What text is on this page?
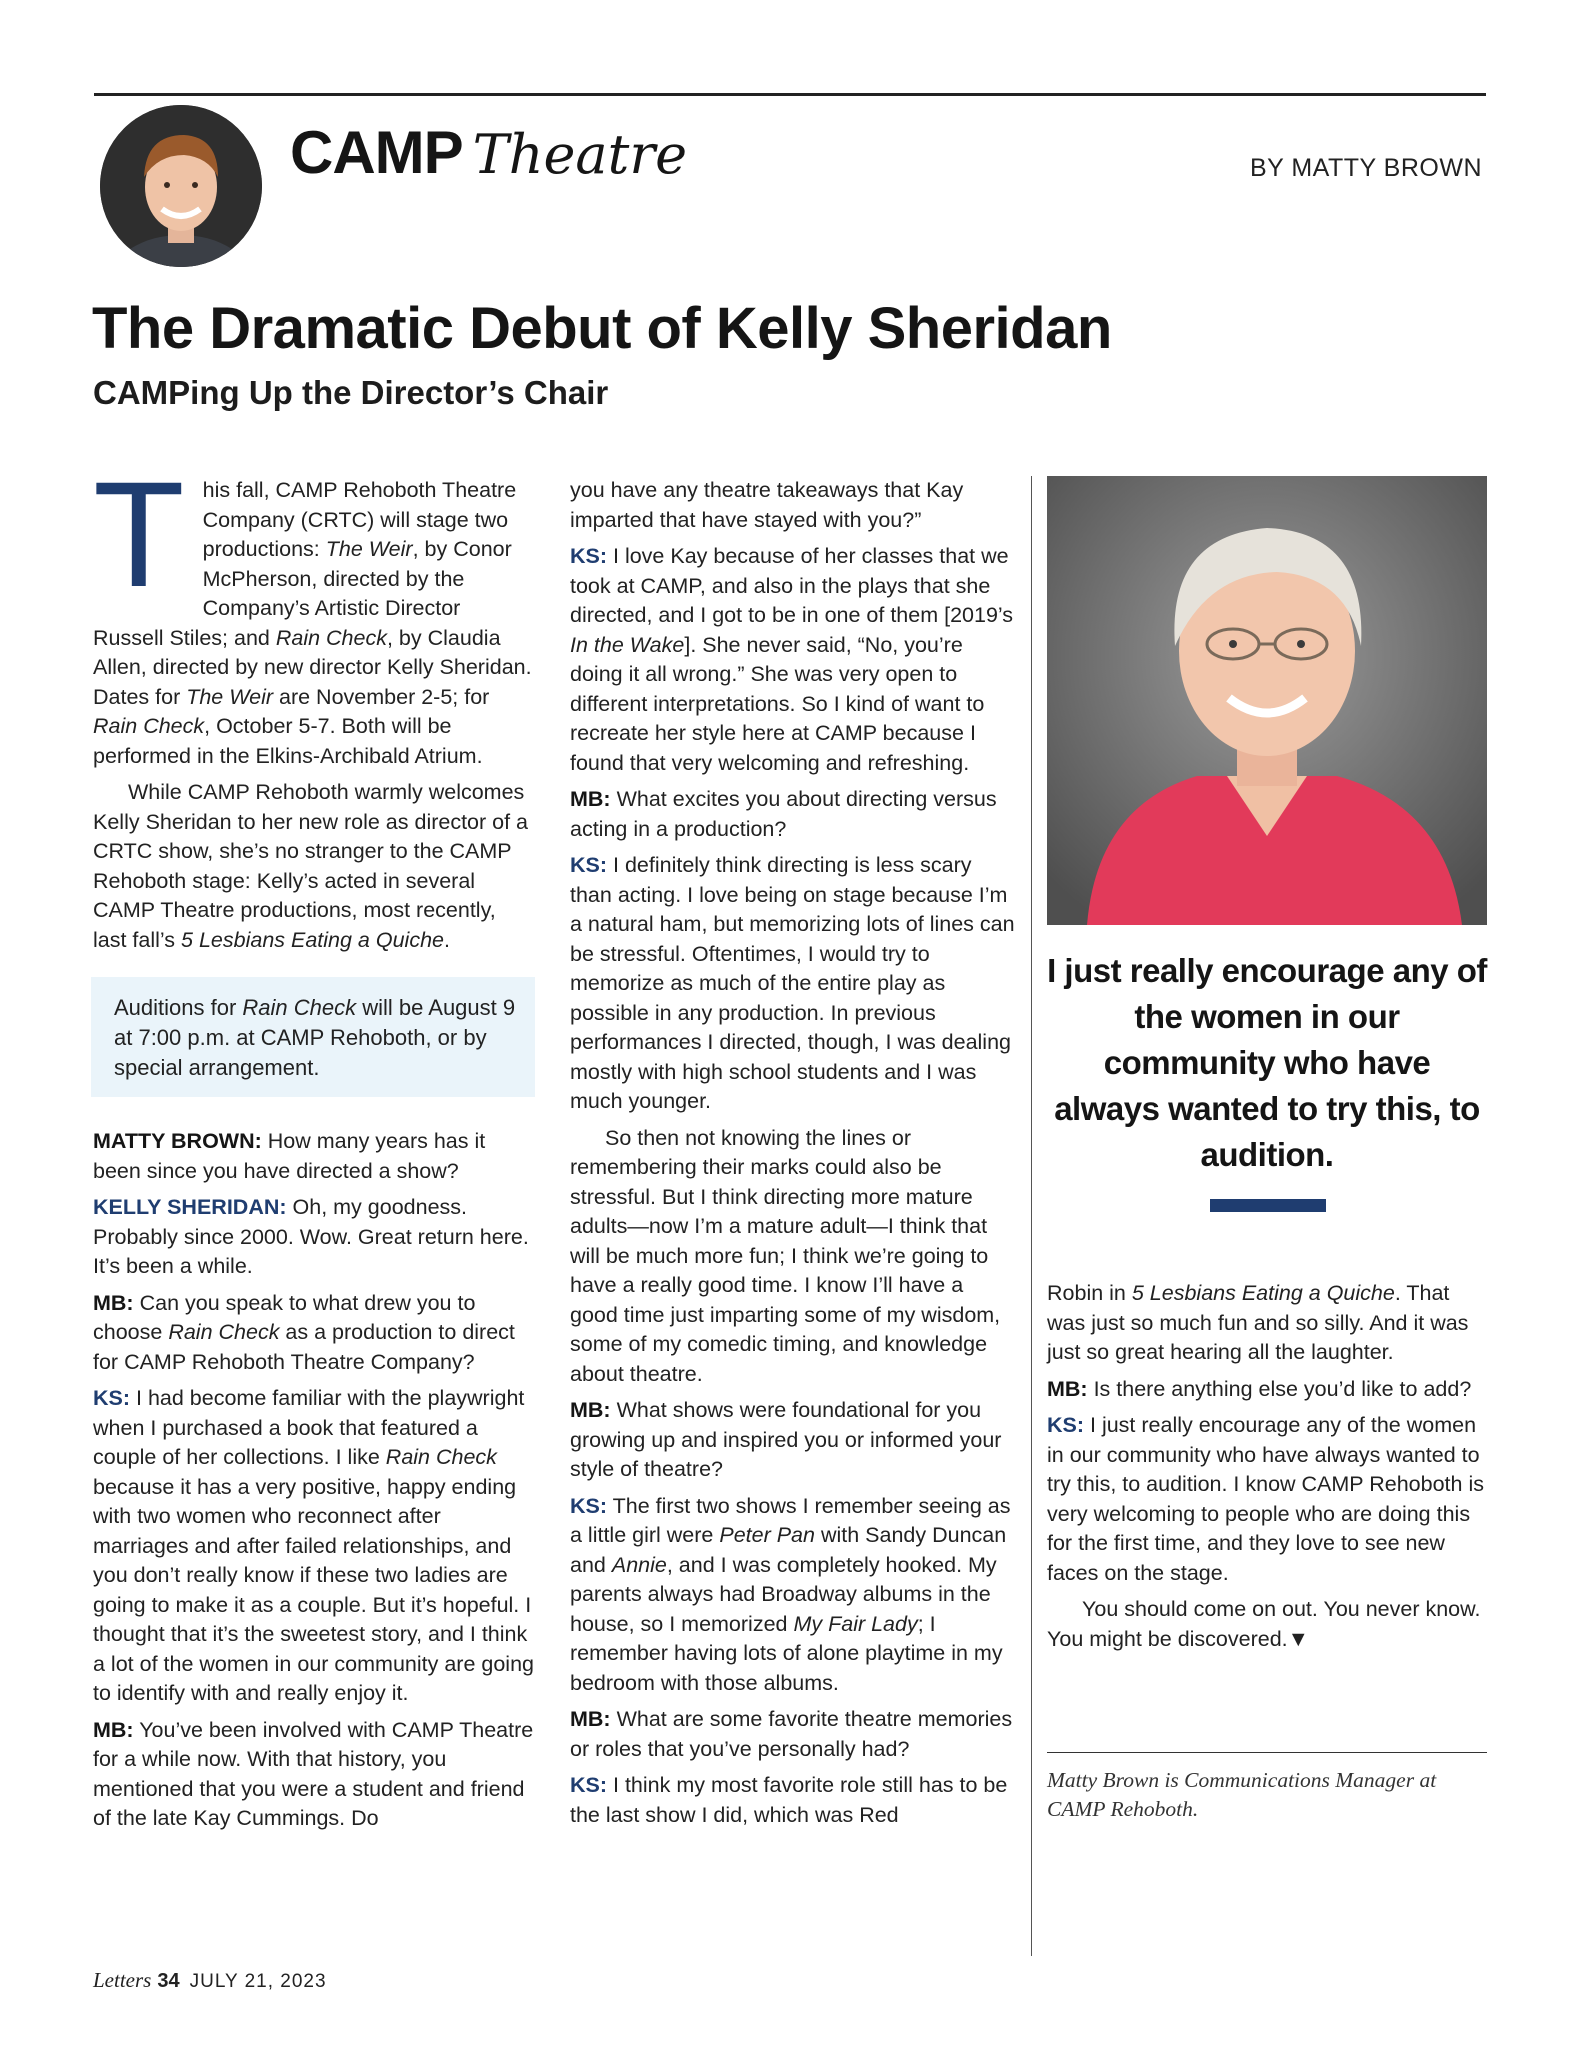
CAMP Theatre	BY MATTY BROWN
The Dramatic Debut of Kelly Sheridan
CAMPing Up the Director’s Chair
T his fall, CAMP Rehoboth Theatre Company (CRTC) will stage two productions: The Weir, by Conor McPherson, directed by the Company’s Artistic Director Russell Stiles; and Rain Check, by Claudia Allen, directed by new director Kelly Sheridan. Dates for The Weir are November 2-5; for Rain Check, October 5-7. Both will be performed in the Elkins-Archibald Atrium.

While CAMP Rehoboth warmly welcomes Kelly Sheridan to her new role as director of a CRTC show, she’s no stranger to the CAMP Rehoboth stage: Kelly’s acted in several CAMP Theatre productions, most recently, last fall’s 5 Lesbians Eating a Quiche.

Auditions for Rain Check will be August 9 at 7:00 p.m. at CAMP Rehoboth, or by special arrangement.

MATTY BROWN: How many years has it been since you have directed a show?

KELLY SHERIDAN: Oh, my goodness. Probably since 2000. Wow. Great return here. It’s been a while.

MB: Can you speak to what drew you to choose Rain Check as a production to direct for CAMP Rehoboth Theatre Company?

KS: I had become familiar with the playwright when I purchased a book that featured a couple of her collections. I like Rain Check because it has a very positive, happy ending with two women who reconnect after marriages and after failed relationships, and you don’t really know if these two ladies are going to make it as a couple. But it’s hopeful. I thought that it’s the sweetest story, and I think a lot of the women in our community are going to identify with and really enjoy it.

MB: You’ve been involved with CAMP Theatre for a while now. With that history, you mentioned that you were a student and friend of the late Kay Cummings. Do

you have any theatre takeaways that Kay imparted that have stayed with you?”

KS: I love Kay because of her classes that we took at CAMP, and also in the plays that she directed, and I got to be in one of them [2019’s In the Wake]. She never said, “No, you’re doing it all wrong.” She was very open to different interpretations. So I kind of want to recreate her style here at CAMP because I found that very welcoming and refreshing.

MB: What excites you about directing versus acting in a production?

KS: I definitely think directing is less scary than acting. I love being on stage because I’m a natural ham, but memorizing lots of lines can be stressful. Oftentimes, I would try to memorize as much of the entire play as possible in any production. In previous performances I directed, though, I was dealing mostly with high school students and I was much younger.

So then not knowing the lines or remembering their marks could also be stressful. But I think directing more mature adults—now I’m a mature adult—I think that will be much more fun; I think we’re going to have a really good time. I know I’ll have a good time just imparting some of my wisdom, some of my comedic timing, and knowledge about theatre.

MB: What shows were foundational for you growing up and inspired you or informed your style of theatre?

KS: The first two shows I remember seeing as a little girl were Peter Pan with Sandy Duncan and Annie, and I was completely hooked. My parents always had Broadway albums in the house, so I memorized My Fair Lady; I remember having lots of alone playtime in my bedroom with those albums.

MB: What are some favorite theatre memories or roles that you’ve personally had?

KS: I think my most favorite role still has to be the last show I did, which was Red

I just really encourage any of the women in our community who have always wanted to try this, to audition.

Robin in 5 Lesbians Eating a Quiche. That was just so much fun and so silly. And it was just so great hearing all the laughter.

MB: Is there anything else you’d like to add?

KS: I just really encourage any of the women in our community who have always wanted to try this, to audition. I know CAMP Rehoboth is very welcoming to people who are doing this for the first time, and they love to see new faces on the stage.

You should come on out. You never know. You might be discovered.▼

Matty Brown is Communications Manager at CAMP Rehoboth.
Letters 34 JULY 21, 2023
